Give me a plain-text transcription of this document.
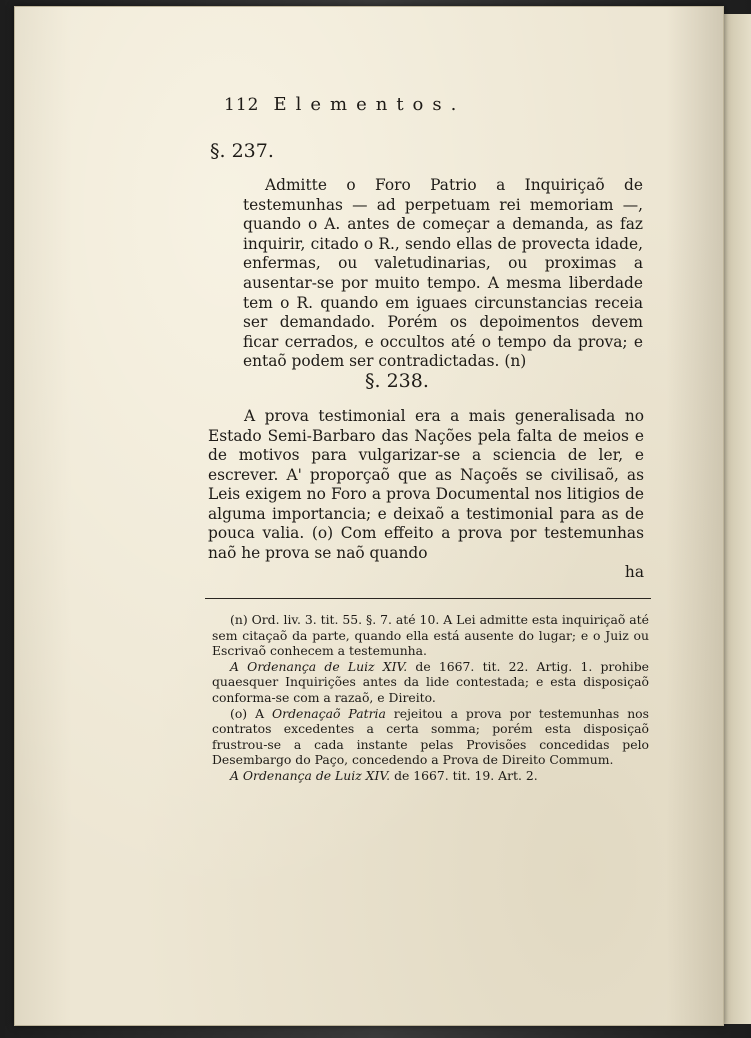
112 Elementos.
§. 237.

Admitte o Foro Patrio a Inquiriçaõ de testemunhas — ad perpetuam rei memoriam —, quando o A. antes de começar a demanda, as faz inquirir, citado o R., sendo ellas de provecta idade, enfermas, ou valetudinarias, ou proximas a ausentar-se por muito tempo. A mesma liberdade tem o R. quando em iguaes circunstancias receia ser demandado. Porém os depoimentos devem ficar cerrados, e occultos até o tempo da prova; e entaõ podem ser contradictadas. (n)

§. 238.

A prova testimonial era a mais generalisada no Estado Semi-Barbaro das Nações pela falta de meios e de motivos para vulgarizar-se a sciencia de ler, e escrever. A' proporçaõ que as Naçoẽs se civilisaõ, as Leis exigem no Foro a prova Documental nos litigios de alguma importancia; e deixaõ a testimonial para as de pouca valia. (o) Com effeito a prova por testemunhas naõ he prova se naõ quando

ha

(n) Ord. liv. 3. tit. 55. §. 7. até 10. A Lei admitte esta inquiriçaõ até sem citaçaõ da parte, quando ella está ausente do lugar; e o Juiz ou Escrivaõ conhecem a testemunha.

A Ordenança de Luiz XIV. de 1667. tit. 22. Artig. 1. prohibe quaesquer Inquirições antes da lide contestada; e esta disposiçaõ conforma-se com a razaõ, e Direito.

(o) A Ordenaçaõ Patria rejeitou a prova por testemunhas nos contratos excedentes a certa somma; porém esta disposiçaõ frustrou-se a cada instante pelas Provisões concedidas pelo Desembargo do Paço, concedendo a Prova de Direito Commum.

A Ordenança de Luiz XIV. de 1667. tit. 19. Art. 2.
